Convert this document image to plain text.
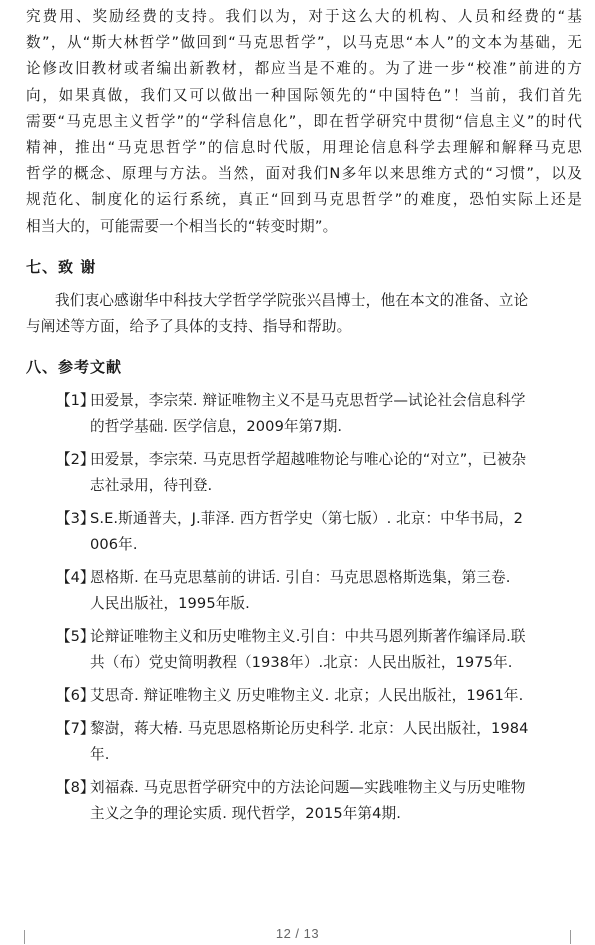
究费用、奖励经费的支持。我们以为，对于这么大的机构、人员和经费的“基
数”，从“斯大林哲学”做回到“马克思哲学”，以马克思“本人”的文本为基础，无
论修改旧教材或者编出新教材，都应当是不难的。为了进一步“校准”前进的方
向，如果真做，我们又可以做出一种国际领先的“中国特色”！当前，我们首先
需要“马克思主义哲学”的“学科信息化”，即在哲学研究中贯彻“信息主义”的时代
精神，推出“马克思哲学”的信息时代版，用理论信息科学去理解和解释马克思
哲学的概念、原理与方法。当然，面对我们N多年以来思维方式的“习惯”，以及
规范化、制度化的运行系统，真正“回到马克思哲学”的难度，恐怕实际上还是
相当大的，可能需要一个相当长的“转变时期”。
七、致 谢
我们衷心感谢华中科技大学哲学学院张兴昌博士，他在本文的准备、立论
与阐述等方面，给予了具体的支持、指导和帮助。
八、参考文献
【1】
田爱景，李宗荣. 辩证唯物主义不是马克思哲学—试论社会信息科学
的哲学基础. 医学信息，2009年第7期.
【2】
田爱景，李宗荣. 马克思哲学超越唯物论与唯心论的“对立”，已被杂
志社录用，待刊登.
【3】
S.E.斯通普夫，J.菲泽. 西方哲学史（第七版）. 北京：中华书局，2
006年.
【4】
恩格斯. 在马克思墓前的讲话. 引自：马克思恩格斯选集，第三卷.
人民出版社，1995年版.
【5】
论辩证唯物主义和历史唯物主义.引自：中共马恩列斯著作编译局.联
共（布）党史简明教程（1938年）.北京：人民出版社，1975年.
【6】
艾思奇. 辩证唯物主义 历史唯物主义. 北京；人民出版社，1961年.
【7】
黎澍，蒋大椿. 马克思恩格斯论历史科学. 北京：人民出版社，1984
年.
【8】
刘福森. 马克思哲学研究中的方法论问题—实践唯物主义与历史唯物
主义之争的理论实质. 现代哲学，2015年第4期.
12 / 13
